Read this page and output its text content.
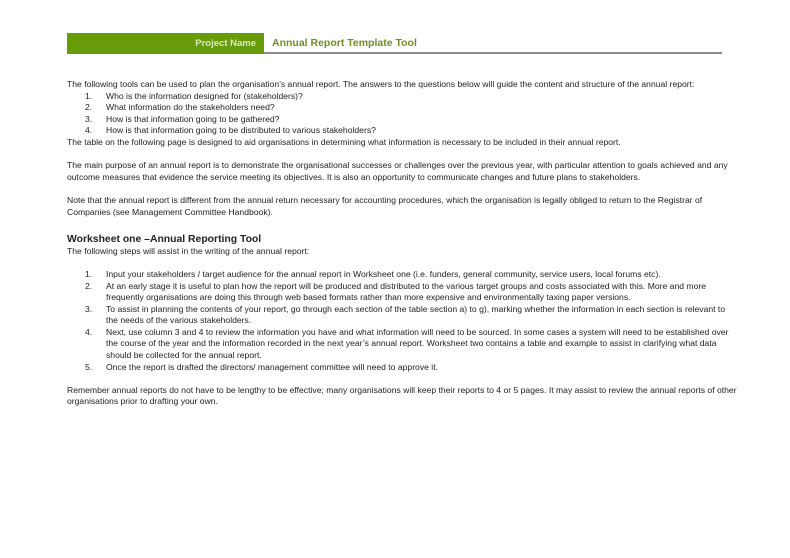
Project Name	Annual Report Template Tool

The following tools can be used to plan the organisation’s annual report. The answers to the questions below will guide the content and structure of the annual report:

1. Who is the information designed for (stakeholders)?
2. What information do the stakeholders need?
3. How is that information going to be gathered?
4. How is that information going to be distributed to various stakeholders?

The table on the following page is designed to aid organisations in determining what information is necessary to be included in their annual report.

The main purpose of an annual report is to demonstrate the organisational successes or challenges over the previous year, with particular attention to goals achieved and any outcome measures that evidence the service meeting its objectives. It is also an opportunity to communicate changes and future plans to stakeholders.

Note that the annual report is different from the annual return necessary for accounting procedures, which the organisation is legally obliged to return to the Registrar of Companies (see Management Committee Handbook).

Worksheet one –Annual Reporting Tool

The following steps will assist in the writing of the annual report:

1. Input your stakeholders / target audience for the annual report in Worksheet one (i.e. funders, general community, service users, local forums etc).
2. At an early stage it is useful to plan how the report will be produced and distributed to the various target groups and costs associated with this. More and more frequently organisations are doing this through web based formats rather than more expensive and environmentally taxing paper versions.
3. To assist in planning the contents of your report, go through each section of the table section a) to g), marking whether the information in each section is relevant to the needs of the various stakeholders.
4. Next, use column 3 and 4 to review the information you have and what information will need to be sourced. In some cases a system will need to be established over the course of the year and the information recorded in the next year’s annual report. Worksheet two contains a table and example to assist in clarifying what data should be collected for the annual report.
5. Once the report is drafted the directors/ management committee will need to approve it.

Remember annual reports do not have to be lengthy to be effective; many organisations will keep their reports to 4 or 5 pages. It may assist to review the annual reports of other organisations prior to drafting your own.
